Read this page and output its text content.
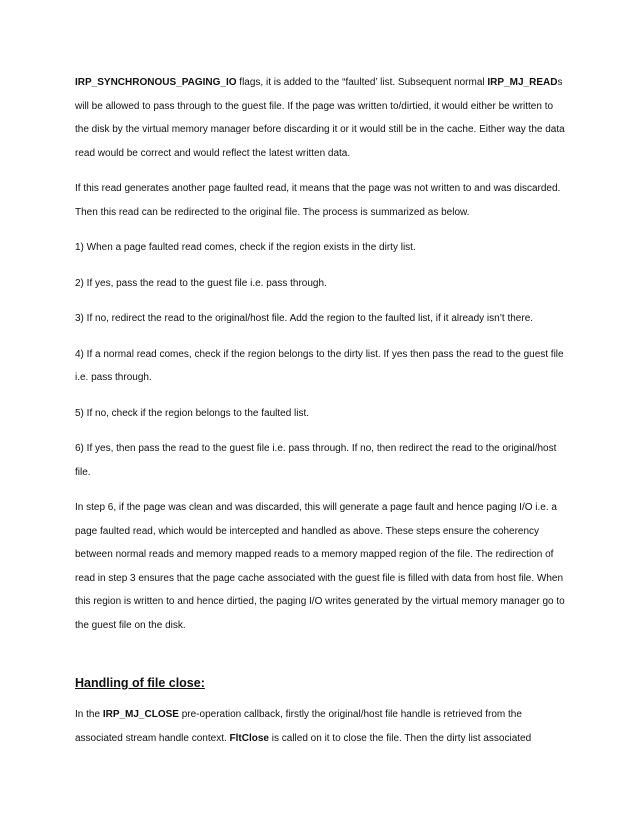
IRP_SYNCHRONOUS_PAGING_IO flags, it is added to the “faulted’ list. Subsequent normal IRP_MJ_READs will be allowed to pass through to the guest file. If the page was written to/dirtied, it would either be written to the disk by the virtual memory manager before discarding it or it would still be in the cache. Either way the data read would be correct and would reflect the latest written data.

If this read generates another page faulted read, it means that the page was not written to and was discarded. Then this read can be redirected to the original file. The process is summarized as below.

1) When a page faulted read comes, check if the region exists in the dirty list.

2) If yes, pass the read to the guest file i.e. pass through.

3) If no, redirect the read to the original/host file. Add the region to the faulted list, if it already isn’t there.

4) If a normal read comes, check if the region belongs to the dirty list. If yes then pass the read to the guest file i.e. pass through.

5) If no, check if the region belongs to the faulted list.

6) If yes, then pass the read to the guest file i.e. pass through. If no, then redirect the read to the original/host file.

In step 6, if the page was clean and was discarded, this will generate a page fault and hence paging I/O i.e. a page faulted read, which would be intercepted and handled as above. These steps ensure the coherency between normal reads and memory mapped reads to a memory mapped region of the file. The redirection of read in step 3 ensures that the page cache associated with the guest file is filled with data from host file. When this region is written to and hence dirtied, the paging I/O writes generated by the virtual memory manager go to the guest file on the disk.

Handling of file close:

In the IRP_MJ_CLOSE pre-operation callback, firstly the original/host file handle is retrieved from the associated stream handle context. FltClose is called on it to close the file. Then the dirty list associated
